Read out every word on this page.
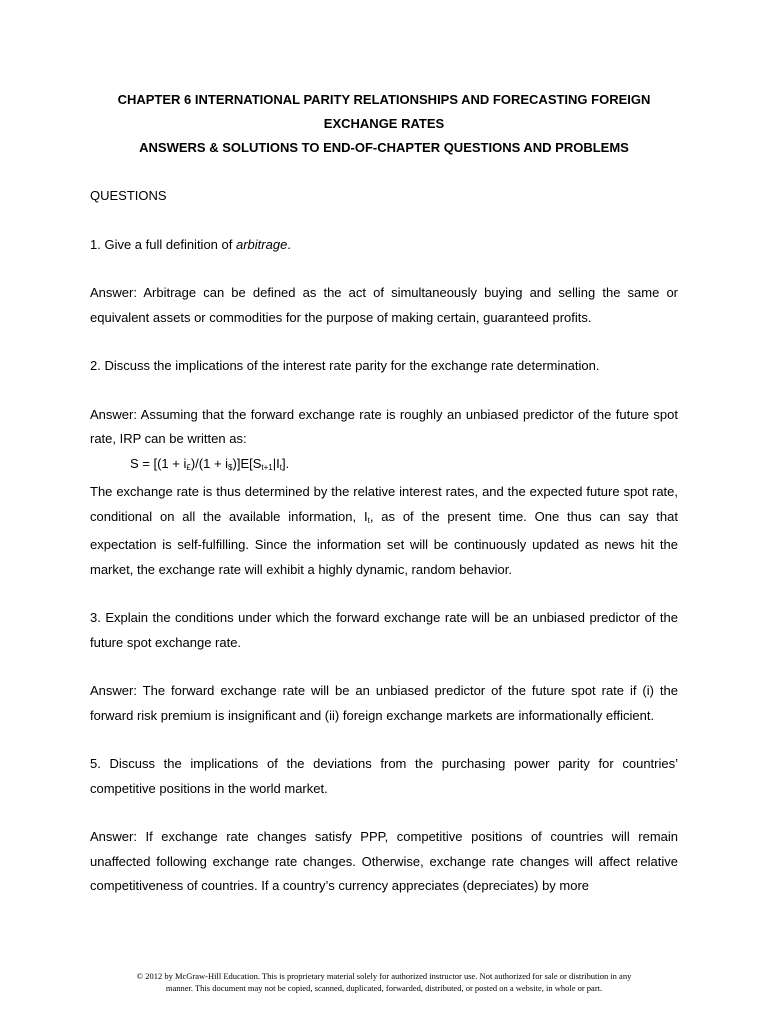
CHAPTER 6 INTERNATIONAL PARITY RELATIONSHIPS AND FORECASTING FOREIGN

EXCHANGE RATES

ANSWERS & SOLUTIONS TO END-OF-CHAPTER QUESTIONS AND PROBLEMS

QUESTIONS

1. Give a full definition of arbitrage.

Answer: Arbitrage can be defined as the act of simultaneously buying and selling the same or equivalent assets or commodities for the purpose of making certain, guaranteed profits.

2. Discuss the implications of the interest rate parity for the exchange rate determination.

Answer: Assuming that the forward exchange rate is roughly an unbiased predictor of the future spot rate, IRP can be written as:

$S = [(1 + i_£)/(1 + i_{\$})]E[S_{t+1}|I_t]$.

The exchange rate is thus determined by the relative interest rates, and the expected future spot rate, conditional on all the available information, $I_t$, as of the present time. One thus can say that expectation is self-fulfilling. Since the information set will be continuously updated as news hit the market, the exchange rate will exhibit a highly dynamic, random behavior.

3. Explain the conditions under which the forward exchange rate will be an unbiased predictor of the future spot exchange rate.

Answer: The forward exchange rate will be an unbiased predictor of the future spot rate if (i) the forward risk premium is insignificant and (ii) foreign exchange markets are informationally efficient.

5. Discuss the implications of the deviations from the purchasing power parity for countries’ competitive positions in the world market.

Answer: If exchange rate changes satisfy PPP, competitive positions of countries will remain unaffected following exchange rate changes. Otherwise, exchange rate changes will affect relative competitiveness of countries. If a country’s currency appreciates (depreciates) by more

© 2012 by McGraw-Hill Education. This is proprietary material solely for authorized instructor use. Not authorized for sale or distribution in any
manner. This document may not be copied, scanned, duplicated, forwarded, distributed, or posted on a website, in whole or part.
